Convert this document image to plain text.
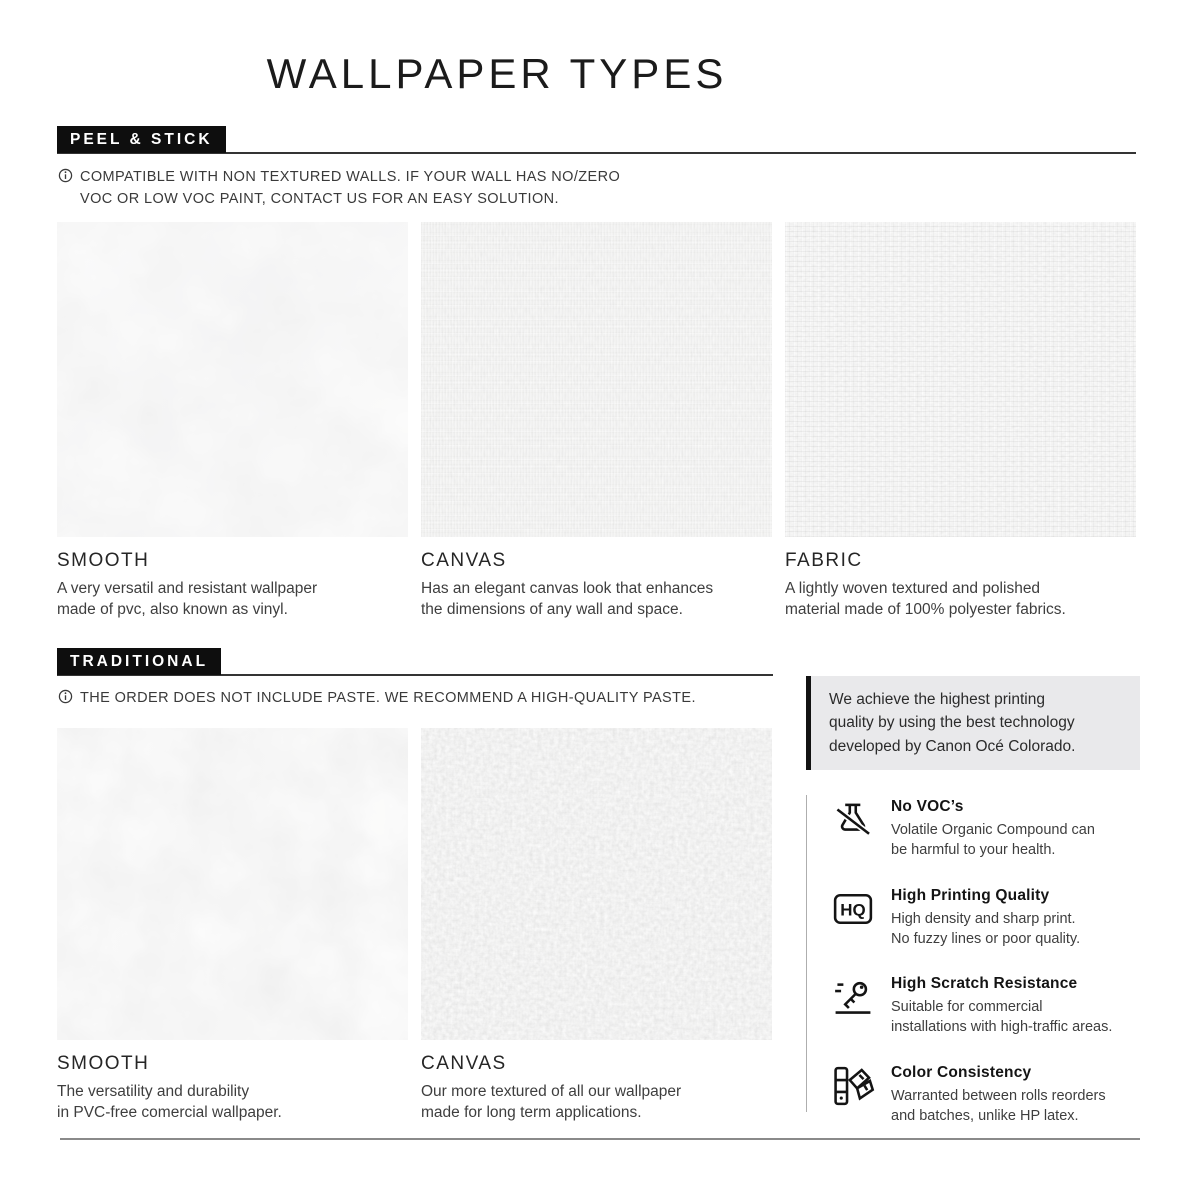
WALLPAPER TYPES
PEEL & STICK
COMPATIBLE WITH NON TEXTURED WALLS. IF YOUR WALL HAS NO/ZERO
VOC OR LOW VOC PAINT, CONTACT US FOR AN EASY SOLUTION.
SMOOTH

A very versatil and resistant wallpaper
made of pvc, also known as vinyl.

CANVAS

Has an elegant canvas look that enhances
the dimensions of any wall and space.

FABRIC

A lightly woven textured and polished
material made of 100% polyester fabrics.

TRADITIONAL
THE ORDER DOES NOT INCLUDE PASTE. WE RECOMMEND A HIGH-QUALITY PASTE.
SMOOTH

The versatility and durability
in PVC-free comercial wallpaper.

CANVAS

Our more textured of all our wallpaper
made for long term applications.

We achieve the highest printing
quality by using the best technology
developed by Canon Océ Colorado.
No VOC’s
Volatile Organic Compound can
be harmful to your health.
HQ
High Printing Quality
High density and sharp print.
No fuzzy lines or poor quality.
High Scratch Resistance
Suitable for commercial
installations with high-traffic areas.
Color Consistency
Warranted between rolls reorders
and batches, unlike HP latex.
